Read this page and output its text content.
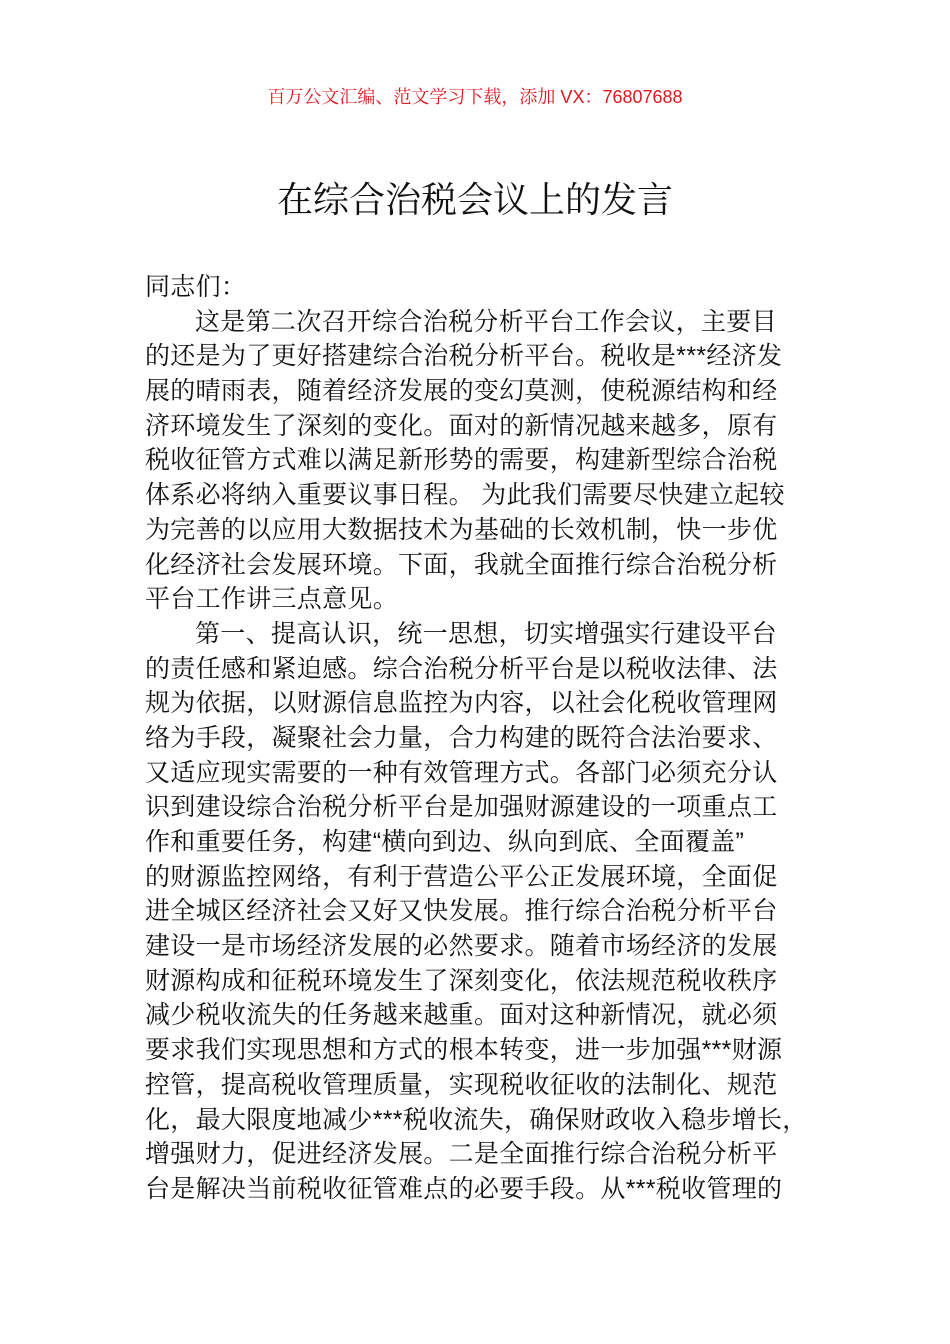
百万公文汇编、范文学习下载，添加 VX：76807688
在综合治税会议上的发言
同志们：
这是第二次召开综合治税分析平台工作会议，主要目
的还是为了更好搭建综合治税分析平台。税收是***经济发
展的晴雨表，随着经济发展的变幻莫测，使税源结构和经
济环境发生了深刻的变化。面对的新情况越来越多，原有
税收征管方式难以满足新形势的需要，构建新型综合治税
体系必将纳入重要议事日程。 为此我们需要尽快建立起较
为完善的以应用大数据技术为基础的长效机制，快一步优
化经济社会发展环境。下面，我就全面推行综合治税分析
平台工作讲三点意见。
第一、提高认识，统一思想，切实增强实行建设平台
的责任感和紧迫感。综合治税分析平台是以税收法律、法
规为依据，以财源信息监控为内容，以社会化税收管理网
络为手段，凝聚社会力量，合力构建的既符合法治要求、
又适应现实需要的一种有效管理方式。各部门必须充分认
识到建设综合治税分析平台是加强财源建设的一项重点工
作和重要任务，构建“横向到边、纵向到底、全面覆盖”
的财源监控网络，有利于营造公平公正发展环境，全面促
进全城区经济社会又好又快发展。推行综合治税分析平台
建设一是市场经济发展的必然要求。随着市场经济的发展
财源构成和征税环境发生了深刻变化，依法规范税收秩序
减少税收流失的任务越来越重。面对这种新情况，就必须
要求我们实现思想和方式的根本转变，进一步加强***财源
控管，提高税收管理质量，实现税收征收的法制化、规范
化，最大限度地减少***税收流失，确保财政收入稳步增长，
增强财力，促进经济发展。二是全面推行综合治税分析平
台是解决当前税收征管难点的必要手段。从***税收管理的
